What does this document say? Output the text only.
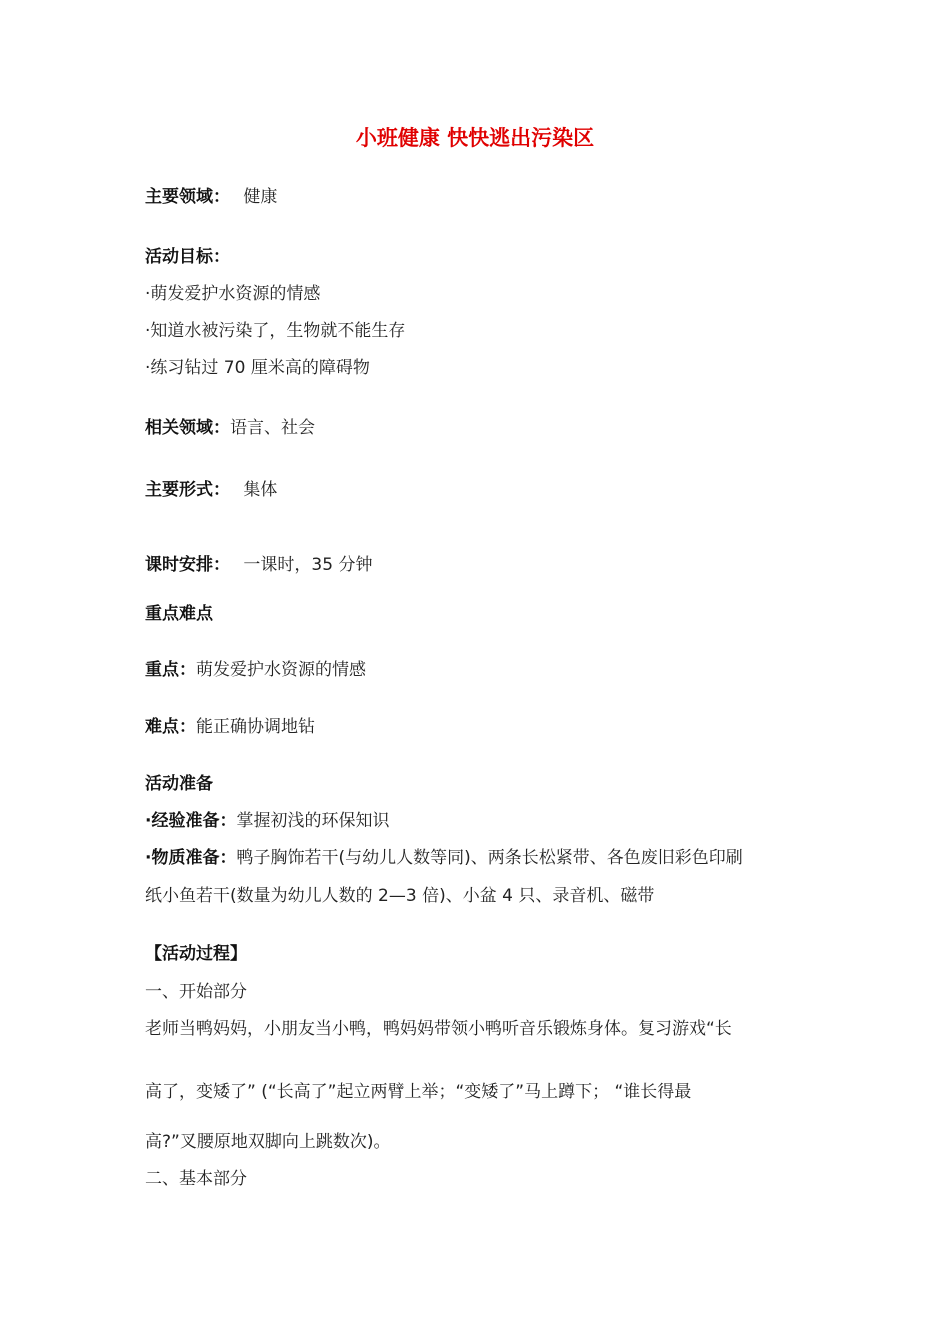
小班健康 快快逃出污染区
主要领域： 健康
活动目标：
·萌发爱护水资源的情感
·知道水被污染了，生物就不能生存
·练习钻过 70 厘米高的障碍物
相关领域：语言、社会
主要形式： 集体
课时安排： 一课时，35 分钟
重点难点
重点：萌发爱护水资源的情感
难点：能正确协调地钻
活动准备
·经验准备：掌握初浅的环保知识
·物质准备：鸭子胸饰若干(与幼儿人数等同)、两条长松紧带、各色废旧彩色印刷
纸小鱼若干(数量为幼儿人数的 2—3 倍)、小盆 4 只、录音机、磁带
【活动过程】
一、开始部分
老师当鸭妈妈，小朋友当小鸭，鸭妈妈带领小鸭听音乐锻炼身体。复习游戏“长
高了，变矮了” (“长高了”起立两臂上举；“变矮了”马上蹲下； “谁长得最
高?”叉腰原地双脚向上跳数次)。
二、基本部分
